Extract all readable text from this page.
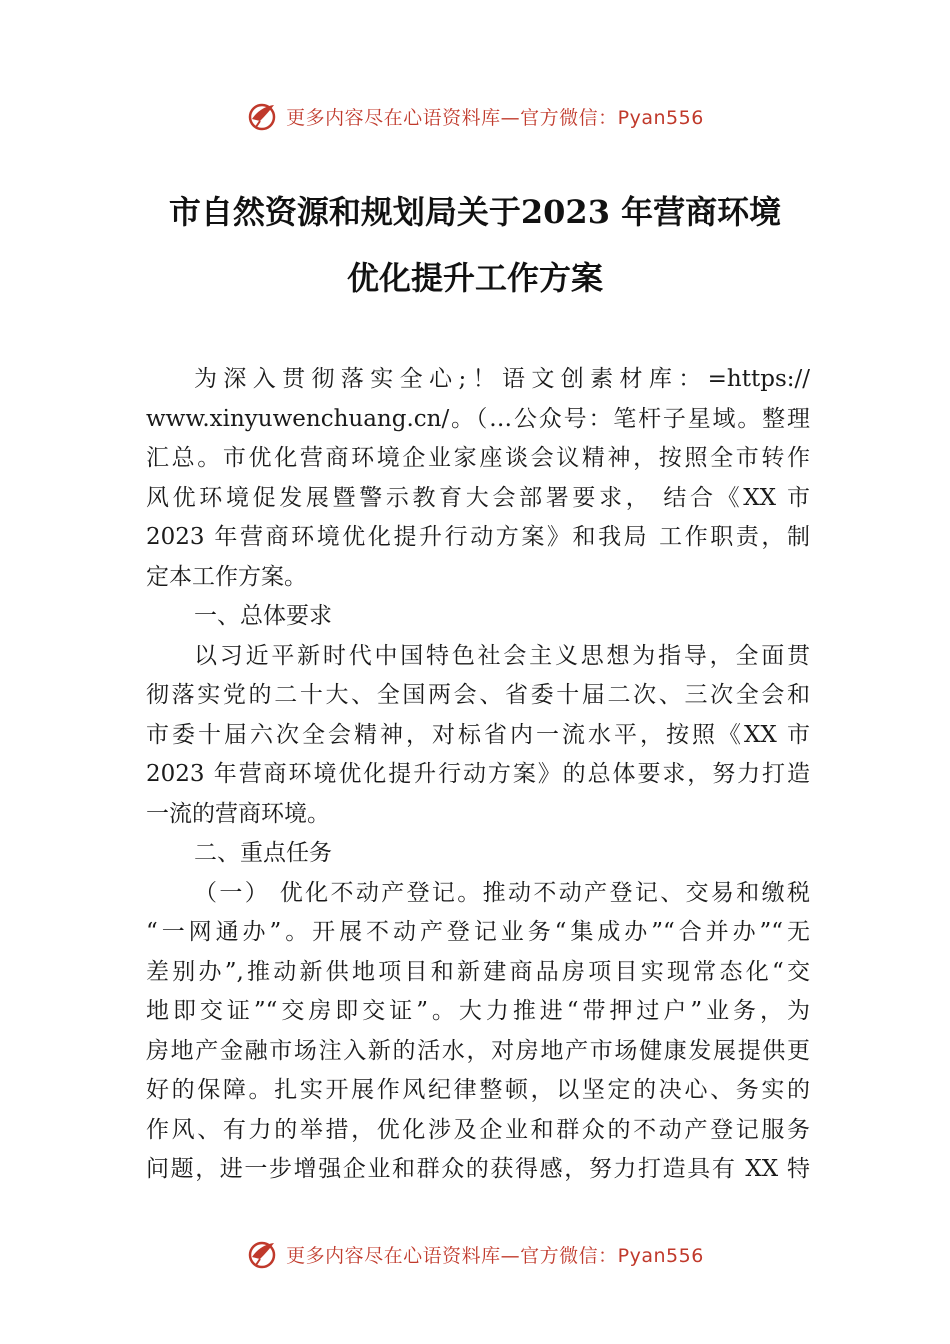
更多内容尽在心语资料库—官方微信：Pyan556
市自然资源和规划局关于2023 年营商环境
优化提升工作方案
为深入贯彻落实全心;！语文创素材库：=https://
www.xinyuwenchuang.cn/。（…公众号：笔杆子星域。整理
汇总。市优化营商环境企业家座谈会议精神，按照全市转作
风优环境促发展暨警示教育大会部署要求， 结合《XX 市
2023 年营商环境优化提升行动方案》和我局 工作职责，制
定本工作方案。
一、总体要求
以习近平新时代中国特色社会主义思想为指导，全面贯
彻落实党的二十大、全国两会、省委十届二次、三次全会和
市委十届六次全会精神，对标省内一流水平，按照《XX 市
2023 年营商环境优化提升行动方案》的总体要求，努力打造
一流的营商环境。
二、重点任务
（一） 优化不动产登记。推动不动产登记、交易和缴税
“一网通办”。开展不动产登记业务“集成办”“合并办”“无
差别办”,推动新供地项目和新建商品房项目实现常态化“交
地即交证”“交房即交证”。大力推进“带押过户”业务，为
房地产金融市场注入新的活水，对房地产市场健康发展提供更
好的保障。扎实开展作风纪律整顿，以坚定的决心、务实的
作风、有力的举措，优化涉及企业和群众的不动产登记服务
问题，进一步增强企业和群众的获得感，努力打造具有 XX 特
更多内容尽在心语资料库—官方微信：Pyan556
